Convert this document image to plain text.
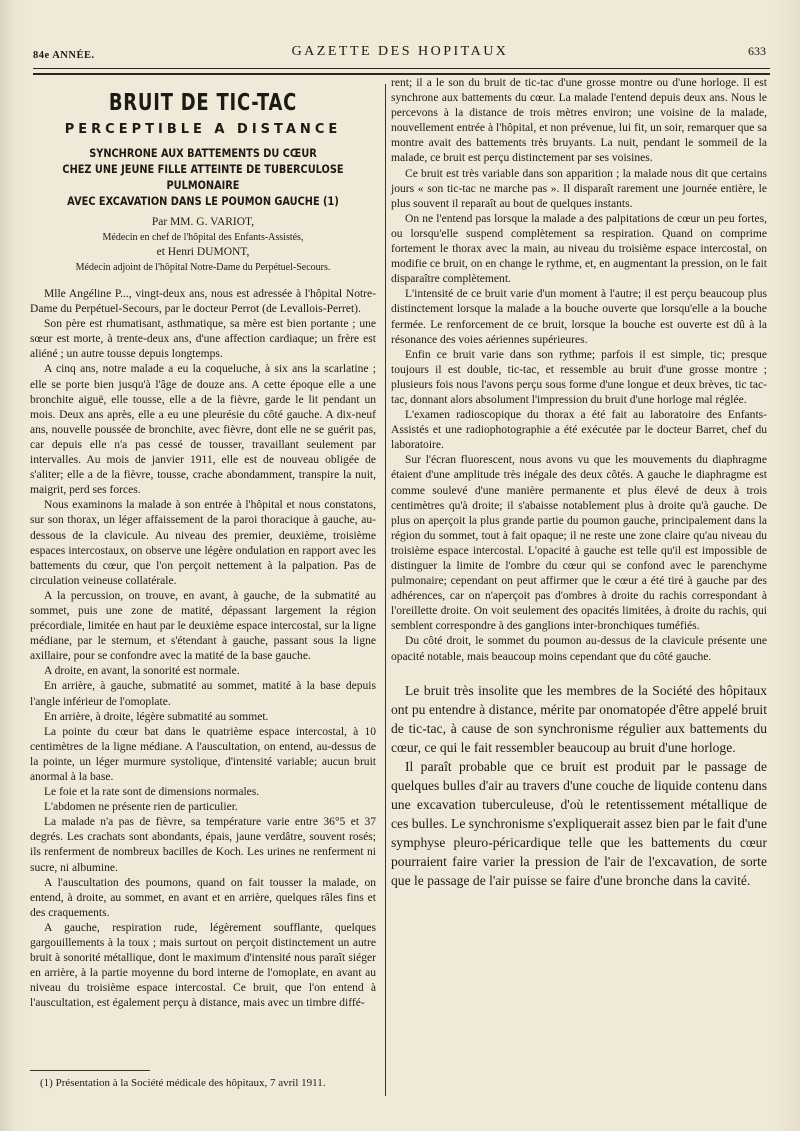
84e ANNÉE.	GAZETTE DES HOPITAUX	633
BRUIT DE TIC-TAC
PERCEPTIBLE A DISTANCE
SYNCHRONE AUX BATTEMENTS DU CŒUR
CHEZ UNE JEUNE FILLE ATTEINTE DE TUBERCULOSE PULMONAIRE
AVEC EXCAVATION DANS LE POUMON GAUCHE (1)
Par MM. G. VARIOT,
Médecin en chef de l'hôpital des Enfants-Assistés,
et Henri DUMONT,
Médecin adjoint de l'hôpital Notre-Dame du Perpétuel-Secours.

Mlle Angéline P..., vingt-deux ans, nous est adressée à l'hôpital Notre-Dame du Perpétuel-Secours, par le docteur Perrot (de Levallois-Perret).

Son père est rhumatisant, asthmatique, sa mère est bien portante ; une sœur est morte, à trente-deux ans, d'une affection cardiaque; un frère est aliéné ; un autre tousse depuis longtemps.

A cinq ans, notre malade a eu la coqueluche, à six ans la scarlatine ; elle se porte bien jusqu'à l'âge de douze ans. A cette époque elle a une bronchite aiguë, elle tousse, elle a de la fièvre, garde le lit pendant un mois. Deux ans après, elle a eu une pleurésie du côté gauche. A dix-neuf ans, nouvelle poussée de bronchite, avec fièvre, dont elle ne se guérit pas, car depuis elle n'a pas cessé de tousser, travaillant seulement par intervalles. Au mois de janvier 1911, elle est de nouveau obligée de s'aliter; elle a de la fièvre, tousse, crache abondamment, transpire la nuit, maigrit, perd ses forces.

Nous examinons la malade à son entrée à l'hôpital et nous constatons, sur son thorax, un léger affaissement de la paroi thoracique à gauche, au-dessous de la clavicule. Au niveau des premier, deuxième, troisième espaces intercostaux, on observe une légère ondulation en rapport avec les battements du cœur, que l'on perçoit nettement à la palpation. Pas de circulation veineuse collatérale.

A la percussion, on trouve, en avant, à gauche, de la submatité au sommet, puis une zone de matité, dépassant largement la région précordiale, limitée en haut par le deuxième espace intercostal, sur la ligne médiane, par le sternum, et s'étendant à gauche, passant sous la ligne axillaire, pour se confondre avec la matité de la base gauche.

A droite, en avant, la sonorité est normale.

En arrière, à gauche, submatité au sommet, matité à la base depuis l'angle inférieur de l'omoplate.

En arrière, à droite, légère submatité au sommet.

La pointe du cœur bat dans le quatrième espace intercostal, à 10 centimètres de la ligne médiane. A l'auscultation, on entend, au-dessus de la pointe, un léger murmure systolique, d'intensité variable; aucun bruit anormal à la base.

Le foie et la rate sont de dimensions normales.

L'abdomen ne présente rien de particulier.

La malade n'a pas de fièvre, sa température varie entre 36°5 et 37 degrés. Les crachats sont abondants, épais, jaune verdâtre, souvent rosés; ils renferment de nombreux bacilles de Koch. Les urines ne renferment ni sucre, ni albumine.

A l'auscultation des poumons, quand on fait tousser la malade, on entend, à droite, au sommet, en avant et en arrière, quelques râles fins et des craquements.

A gauche, respiration rude, légèrement soufflante, quelques gargouillements à la toux ; mais surtout on perçoit distinctement un autre bruit à sonorité métallique, dont le maximum d'intensité nous paraît siéger en arrière, à la partie moyenne du bord interne de l'omoplate, en avant au niveau du troisième espace intercostal. Ce bruit, que l'on entend à l'auscultation, est également perçu à distance, mais avec un timbre diffé-

rent; il a le son du bruit de tic-tac d'une grosse montre ou d'une horloge. Il est synchrone aux battements du cœur. La malade l'entend depuis deux ans. Nous le percevons à la distance de trois mètres environ; une voisine de la malade, nouvellement entrée à l'hôpital, et non prévenue, lui fit, un soir, remarquer que sa montre avait des battements très bruyants. La nuit, pendant le sommeil de la malade, ce bruit est perçu distinctement par ses voisines.

Ce bruit est très variable dans son apparition ; la malade nous dit que certains jours « son tic-tac ne marche pas ». Il disparaît rarement une journée entière, le plus souvent il reparaît au bout de quelques instants.

On ne l'entend pas lorsque la malade a des palpitations de cœur un peu fortes, ou lorsqu'elle suspend complètement sa respiration. Quand on comprime fortement le thorax avec la main, au niveau du troisième espace intercostal, on modifie ce bruit, on en change le rythme, et, en augmentant la pression, on le fait disparaître complètement.

L'intensité de ce bruit varie d'un moment à l'autre; il est perçu beaucoup plus distinctement lorsque la malade a la bouche ouverte que lorsqu'elle a la bouche fermée. Le renforcement de ce bruit, lorsque la bouche est ouverte est dû à la résonance des voies aériennes supérieures.

Enfin ce bruit varie dans son rythme; parfois il est simple, tic; presque toujours il est double, tic-tac, et ressemble au bruit d'une grosse montre ; plusieurs fois nous l'avons perçu sous forme d'une longue et deux brèves, tic tac-tac, donnant alors absolument l'impression du bruit d'une horloge mal réglée.

L'examen radioscopique du thorax a été fait au laboratoire des Enfants-Assistés et une radiophotographie a été exécutée par le docteur Barret, chef du laboratoire.

Sur l'écran fluorescent, nous avons vu que les mouvements du diaphragme étaient d'une amplitude très inégale des deux côtés. A gauche le diaphragme est comme soulevé d'une manière permanente et plus élevé de deux à trois centimètres qu'à droite; il s'abaisse notablement plus à droite qu'à gauche. De plus on aperçoit la plus grande partie du poumon gauche, principalement dans la région du sommet, tout à fait opaque; il ne reste une zone claire qu'au niveau du troisième espace intercostal. L'opacité à gauche est telle qu'il est impossible de distinguer la limite de l'ombre du cœur qui se confond avec le parenchyme pulmonaire; cependant on peut affirmer que le cœur a été tiré à gauche par des adhérences, car on n'aperçoit pas d'ombres à droite du rachis correspondant à l'oreillette droite. On voit seulement des opacités limitées, à droite du rachis, qui semblent correspondre à des ganglions inter-bronchiques tuméfiés.

Du côté droit, le sommet du poumon au-dessus de la clavicule présente une opacité notable, mais beaucoup moins cependant que du côté gauche.

Le bruit très insolite que les membres de la Société des hôpitaux ont pu entendre à distance, mérite par onomatopée d'être appelé bruit de tic-tac, à cause de son synchronisme régulier aux battements du cœur, ce qui le fait ressembler beaucoup au bruit d'une horloge.

Il paraît probable que ce bruit est produit par le passage de quelques bulles d'air au travers d'une couche de liquide contenu dans une excavation tuberculeuse, d'où le retentissement métallique de ces bulles. Le synchronisme s'expliquerait assez bien par le fait d'une symphyse pleuro-péricardique telle que les battements du cœur pourraient faire varier la pression de l'air de l'excavation, de sorte que le passage de l'air puisse se faire d'une bronche dans la cavité.

(1) Présentation à la Société médicale des hôpitaux, 7 avril 1911.
